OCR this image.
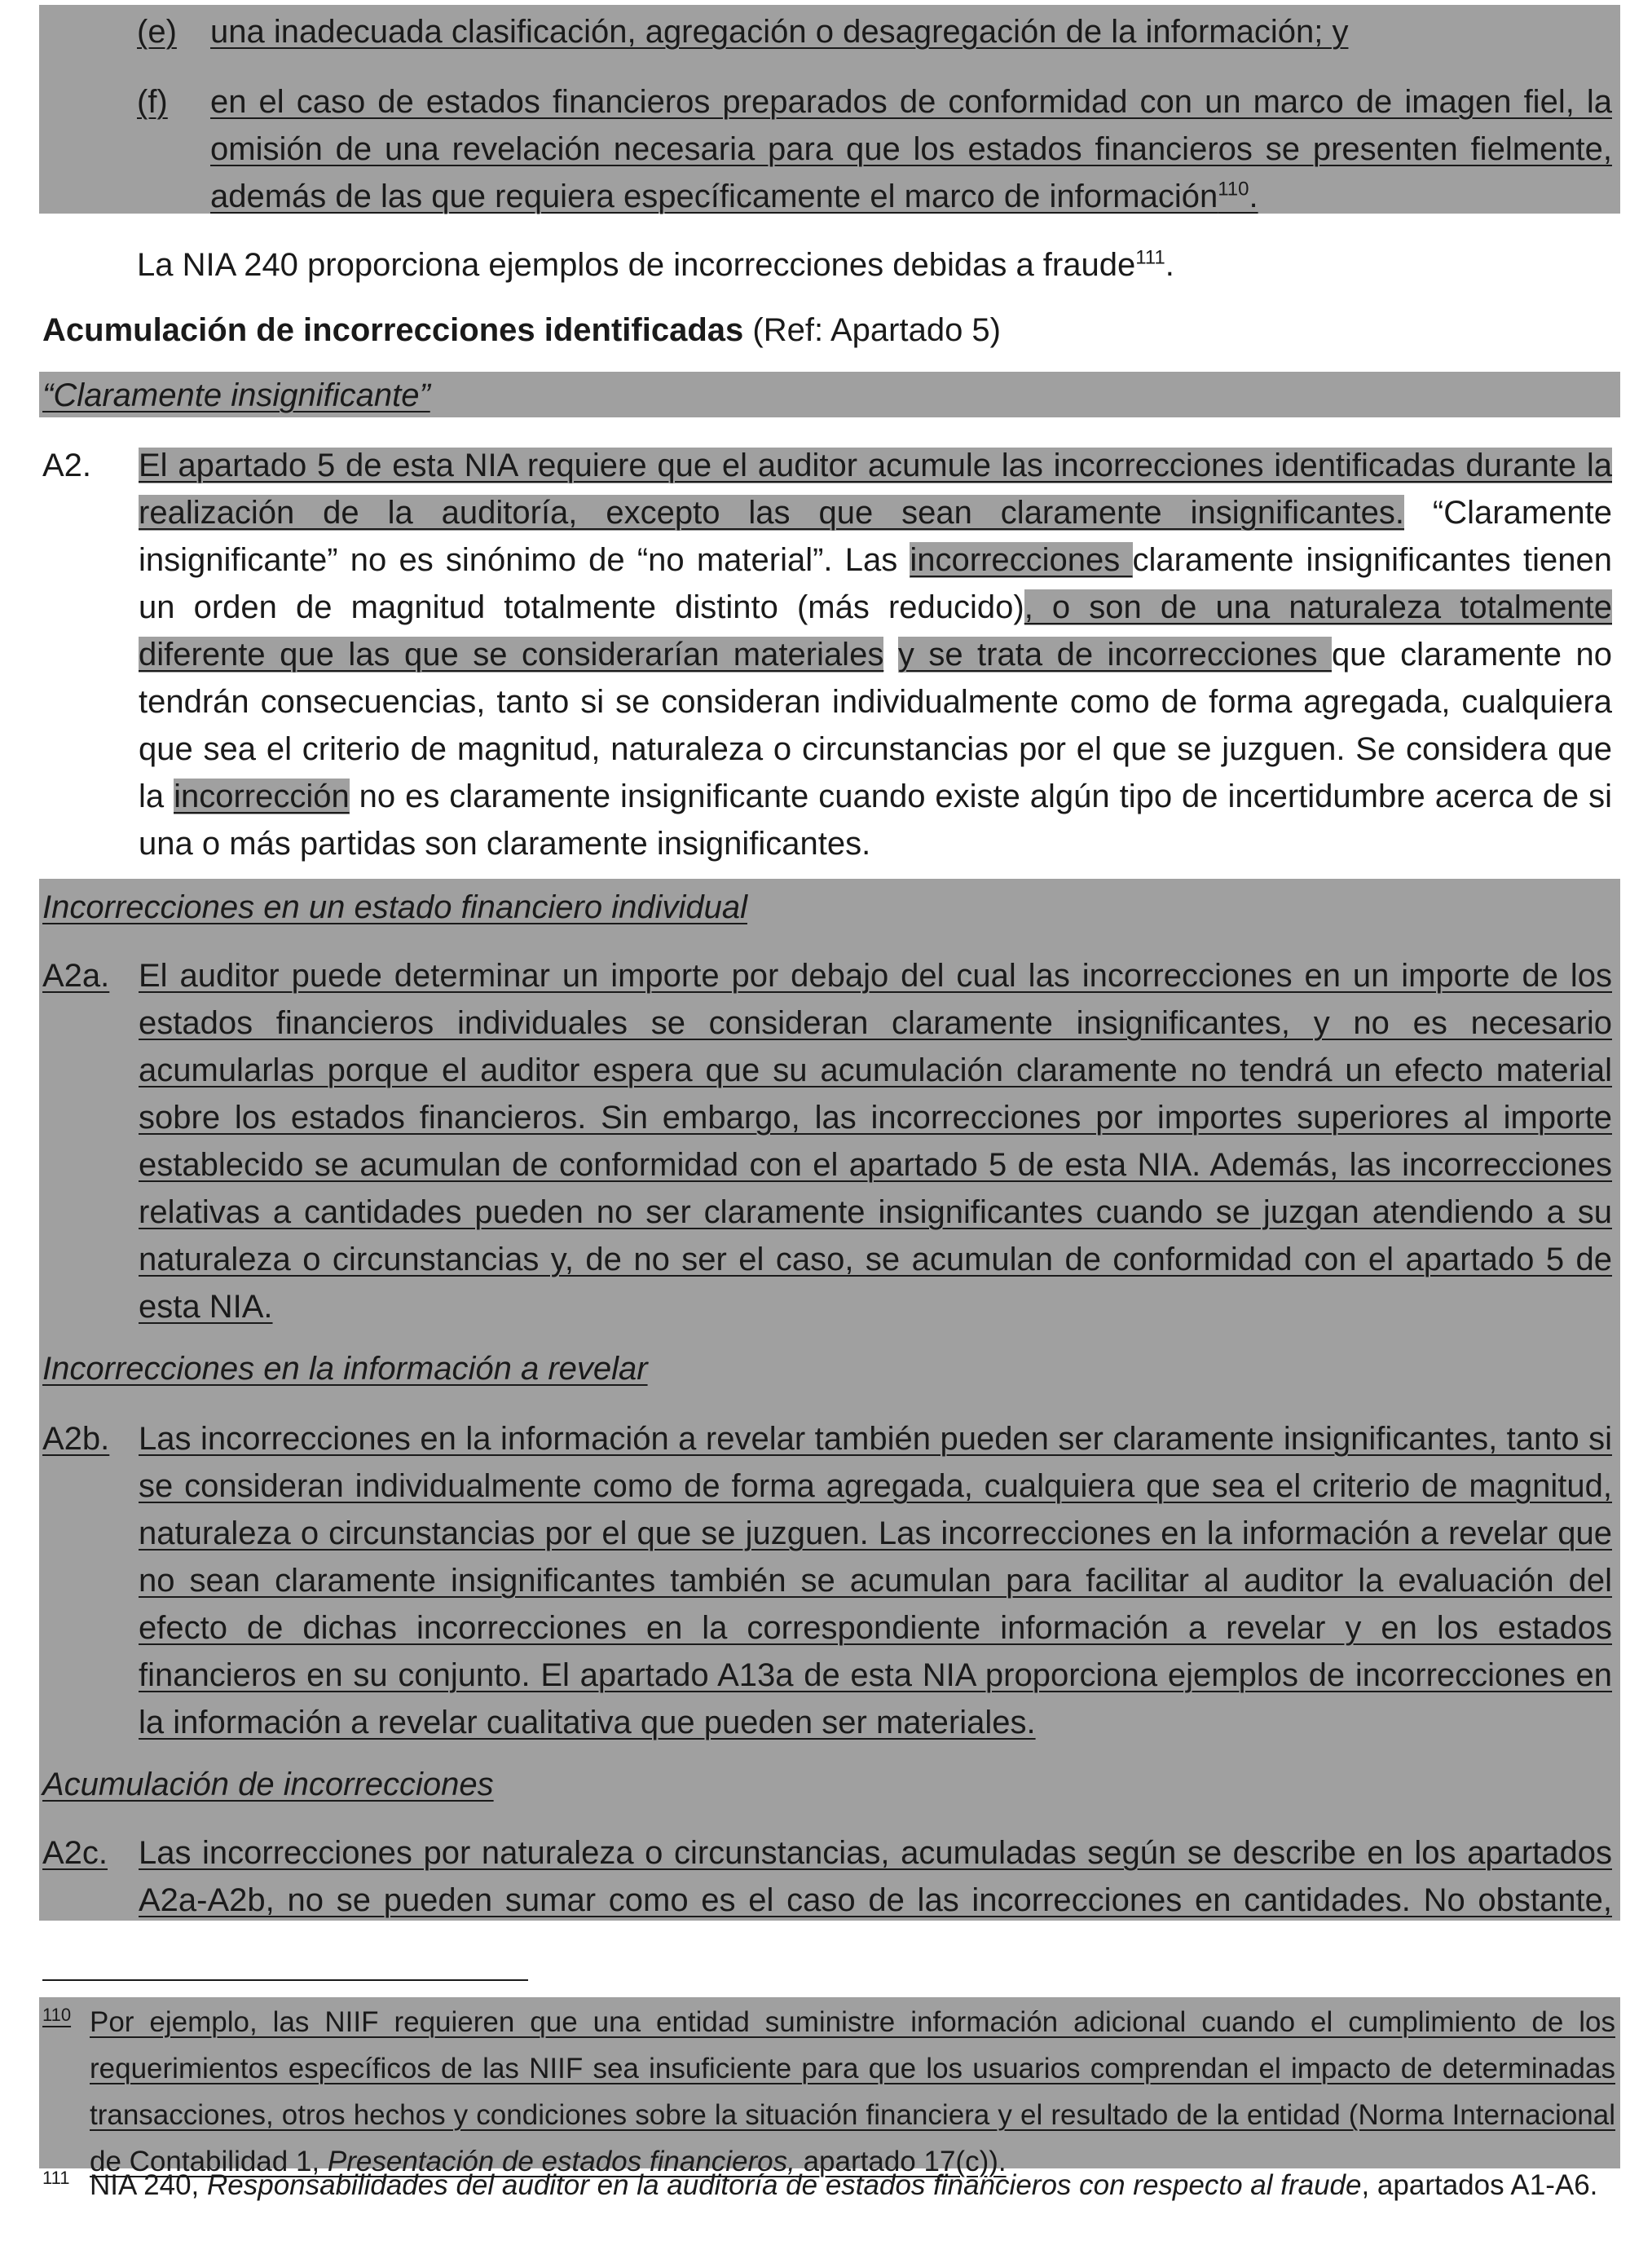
(e)	una inadecuada clasificación, agregación o desagregación de la información; y
(f)	en el caso de estados financieros preparados de conformidad con un marco de imagen fiel, la omisión de una revelación necesaria para que los estados financieros se presenten fielmente, además de las que requiera específicamente el marco de información$^{110}$.
La NIA 240 proporciona ejemplos de incorrecciones debidas a fraude$^{111}$.
Acumulación de incorrecciones identificadas (Ref: Apartado 5)
“Claramente insignificante”
A2.	El apartado 5 de esta NIA requiere que el auditor acumule las incorrecciones identificadas durante la realización de la auditoría, excepto las que sean claramente insignificantes. “Claramente insignificante” no es sinónimo de “no material”. Las incorrecciones claramente insignificantes tienen un orden de magnitud totalmente distinto (más reducido), o son de una naturaleza totalmente diferente que las que se considerarían materiales y se trata de incorrecciones que claramente no tendrán consecuencias, tanto si se consideran individualmente como de forma agregada, cualquiera que sea el criterio de magnitud, naturaleza o circunstancias por el que se juzguen. Se considera que la incorrección no es claramente insignificante cuando existe algún tipo de incertidumbre acerca de si una o más partidas son claramente insignificantes.
Incorrecciones en un estado financiero individual
A2a. El auditor puede determinar un importe por debajo del cual las incorrecciones en un importe de los estados financieros individuales se consideran claramente insignificantes, y no es necesario acumularlas porque el auditor espera que su acumulación claramente no tendrá un efecto material sobre los estados financieros. Sin embargo, las incorrecciones por importes superiores al importe establecido se acumulan de conformidad con el apartado 5 de esta NIA. Además, las incorrecciones relativas a cantidades pueden no ser claramente insignificantes cuando se juzgan atendiendo a su naturaleza o circunstancias y, de no ser el caso, se acumulan de conformidad con el apartado 5 de esta NIA.
Incorrecciones en la información a revelar
A2b. Las incorrecciones en la información a revelar también pueden ser claramente insignificantes, tanto si se consideran individualmente como de forma agregada, cualquiera que sea el criterio de magnitud, naturaleza o circunstancias por el que se juzguen. Las incorrecciones en la información a revelar que no sean claramente insignificantes también se acumulan para facilitar al auditor la evaluación del efecto de dichas incorrecciones en la correspondiente información a revelar y en los estados financieros en su conjunto. El apartado A13a de esta NIA proporciona ejemplos de incorrecciones en la información a revelar cualitativa que pueden ser materiales.
Acumulación de incorrecciones
A2c. Las incorrecciones por naturaleza o circunstancias, acumuladas según se describe en los apartados A2a-A2b, no se pueden sumar como es el caso de las incorrecciones en cantidades. No obstante,
110 Por ejemplo, las NIIF requieren que una entidad suministre información adicional cuando el cumplimiento de los requerimientos específicos de las NIIF sea insuficiente para que los usuarios comprendan el impacto de determinadas transacciones, otros hechos y condiciones sobre la situación financiera y el resultado de la entidad (Norma Internacional de Contabilidad 1, Presentación de estados financieros, apartado 17(c)).
111 NIA 240, Responsabilidades del auditor en la auditoría de estados financieros con respecto al fraude, apartados A1-A6.
